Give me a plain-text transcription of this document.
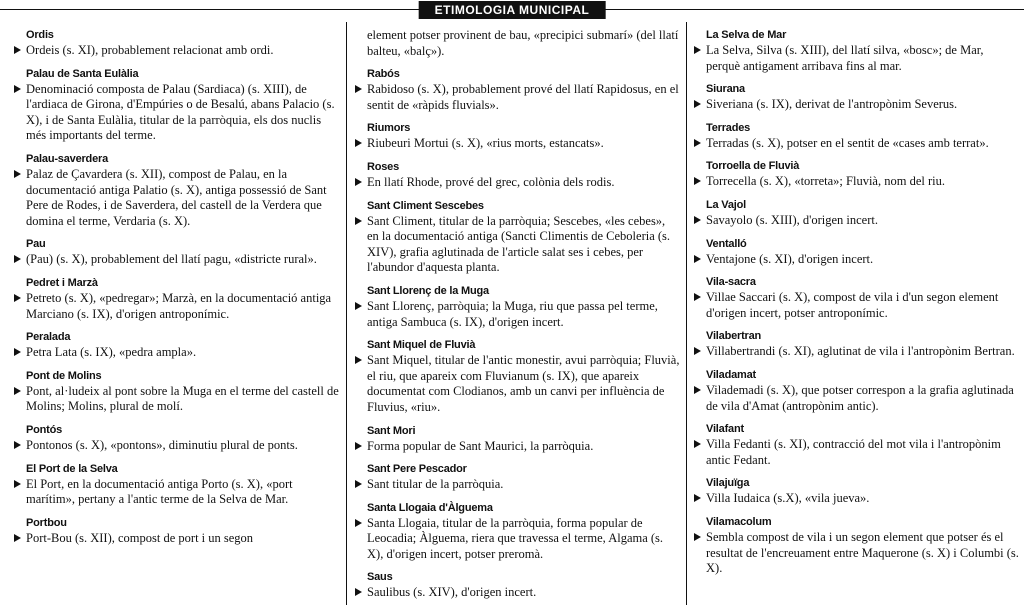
ETIMOLOGIA MUNICIPAL
Ordis

Ordeis (s. XI), probablement relacionat amb ordi.

Palau de Santa Eulàlia

Denominació composta de Palau (Sardiaca) (s. XIII), de l'ardiaca de Girona, d'Empúries o de Besalú, abans Palacio (s. X), i de Santa Eulàlia, titular de la parròquia, els dos nuclis més importants del terme.

Palau-saverdera

Palaz de Çavardera (s. XII), compost de Palau, en la documentació antiga Palatio (s. X), antiga possessió de Sant Pere de Rodes, i de Saverdera, del castell de la Verdera que domina el terme, Verdaria (s. X).

Pau

(Pau) (s. X), probablement del llatí pagu, «districte rural».

Pedret i Marzà

Petreto (s. X), «pedregar»; Marzà, en la documentació antiga Marciano (s. IX), d'origen antroponímic.

Peralada

Petra Lata (s. IX), «pedra ampla».

Pont de Molins

Pont, al·ludeix al pont sobre la Muga en el terme del castell de Molins; Molins, plural de molí.

Pontós

Pontonos (s. X), «pontons», diminutiu plural de ponts.

El Port de la Selva

El Port, en la documentació antiga Porto (s. X), «port marítim», pertany a l'antic terme de la Selva de Mar.

Portbou

Port-Bou (s. XII), compost de port i un segon

element potser provinent de bau, «precipici submarí» (del llatí balteu, «balç»).

Rabós

Rabidoso (s. X), probablement prové del llatí Rapidosus, en el sentit de «ràpids fluvials».

Riumors

Riubeuri Mortui (s. X), «rius morts, estancats».

Roses

En llatí Rhode, prové del grec, colònia dels rodis.

Sant Climent Sescebes

Sant Climent, titular de la parròquia; Sescebes, «les cebes», en la documentació antiga (Sancti Climentis de Ceboleria (s. XIV), grafia aglutinada de l'article salat ses i cebes, per l'abundor d'aquesta planta.

Sant Llorenç de la Muga

Sant Llorenç, parròquia; la Muga, riu que passa pel terme, antiga Sambuca (s. IX), d'origen incert.

Sant Miquel de Fluvià

Sant Miquel, titular de l'antic monestir, avui parròquia; Fluvià, el riu, que apareix com Fluvianum (s. IX), que apareix documentat com Clodianos, amb un canvi per influència de Fluvius, «riu».

Sant Mori

Forma popular de Sant Maurici, la parròquia.

Sant Pere Pescador

Sant titular de la parròquia.

Santa Llogaia d'Àlguema

Santa Llogaia, titular de la parròquia, forma popular de Leocadia; Àlguema, riera que travessa el terme, Algama (s. X), d'origen incert, potser preromà.

Saus

Saulibus (s. XIV), d'origen incert.

La Selva de Mar

La Selva, Silva (s. XIII), del llatí silva, «bosc»; de Mar, perquè antigament arribava fins al mar.

Siurana

Siveriana (s. IX), derivat de l'antropònim Severus.

Terrades

Terradas (s. X), potser en el sentit de «cases amb terrat».

Torroella de Fluvià

Torrecella (s. X), «torreta»; Fluvià, nom del riu.

La Vajol

Savayolo (s. XIII), d'origen incert.

Ventalló

Ventajone (s. XI), d'origen incert.

Vila-sacra

Villae Saccari (s. X), compost de vila i d'un segon element d'origen incert, potser antroponímic.

Vilabertran

Villabertrandi (s. XI), aglutinat de vila i l'antropònim Bertran.

Viladamat

Vilademadi (s. X), que potser correspon a la grafia aglutinada de vila d'Amat (antropònim antic).

Vilafant

Villa Fedanti (s. XI), contracció del mot vila i l'antropònim antic Fedant.

Vilajuïga

Villa Iudaica (s.X), «vila jueva».

Vilamacolum

Sembla compost de vila i un segon element que potser és el resultat de l'encreuament entre Maquerone (s. X) i Columbi (s. X).
